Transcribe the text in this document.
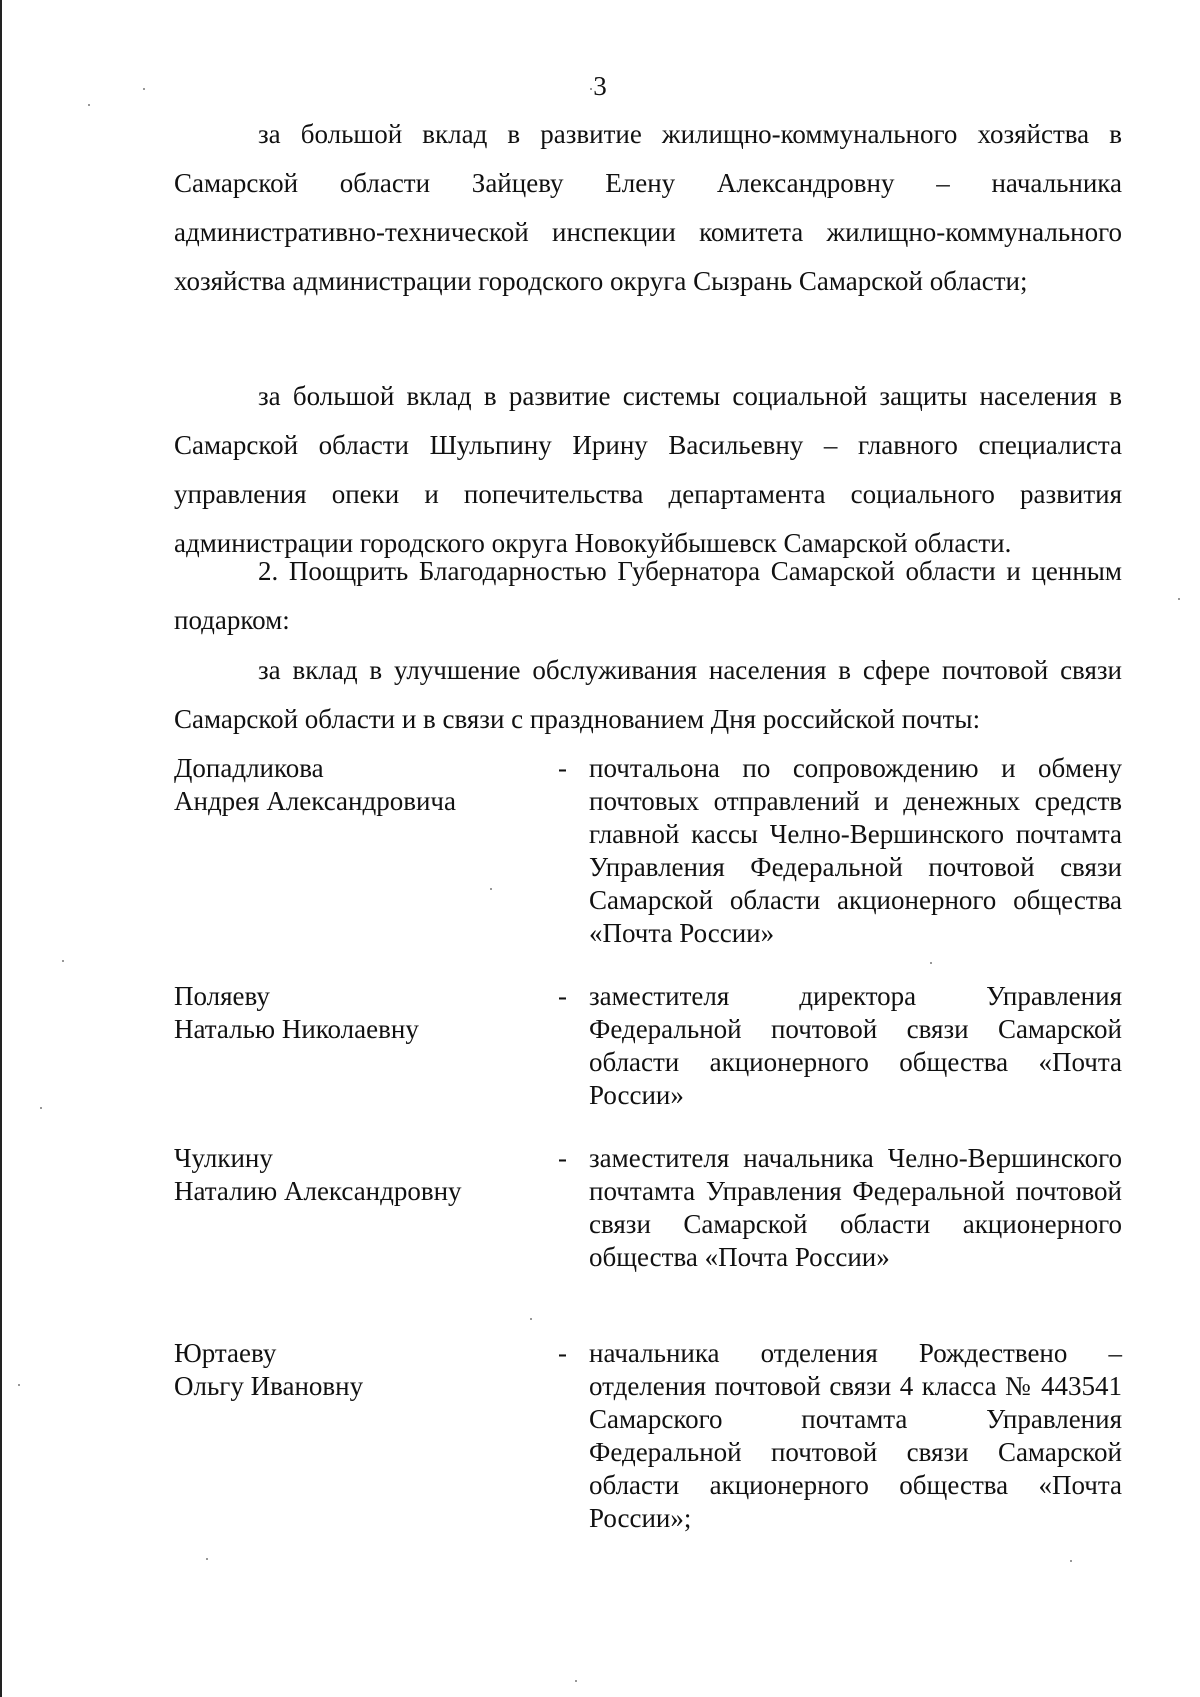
3

за большой вклад в развитие жилищно-коммунального хозяйства в Самарской области Зайцеву Елену Александровну – начальника административно-технической инспекции комитета жилищно-коммунального хозяйства администрации городского округа Сызрань Самарской области;

за большой вклад в развитие системы социальной защиты населения в Самарской области Шульпину Ирину Васильевну – главного специалиста управления опеки и попечительства департамента социального развития администрации городского округа Новокуйбышевск Самарской области.

2. Поощрить Благодарностью Губернатора Самарской области и ценным подарком:

за вклад в улучшение обслуживания населения в сфере почтовой связи Самарской области и в связи с празднованием Дня российской почты:

Допадликова
Андрея Александровича
- почтальона по сопровождению и обмену почтовых отправлений и денежных средств главной кассы Челно-Вершинского почтамта Управления Федеральной почтовой связи Самарской области акционерного общества «Почта России»
Поляеву
Наталью Николаевну
- заместителя директора Управления Федеральной почтовой связи Самарской области акционерного общества «Почта России»
Чулкину
Наталию Александровну
- заместителя начальника Челно-Вершинского почтамта Управления Федеральной почтовой связи Самарской области акционерного общества «Почта России»
Юртаеву
Ольгу Ивановну
- начальника отделения Рождествено – отделения почтовой связи 4 класса № 443541 Самарского почтамта Управления Федеральной почтовой связи Самарской области акционерного общества «Почта России»;
